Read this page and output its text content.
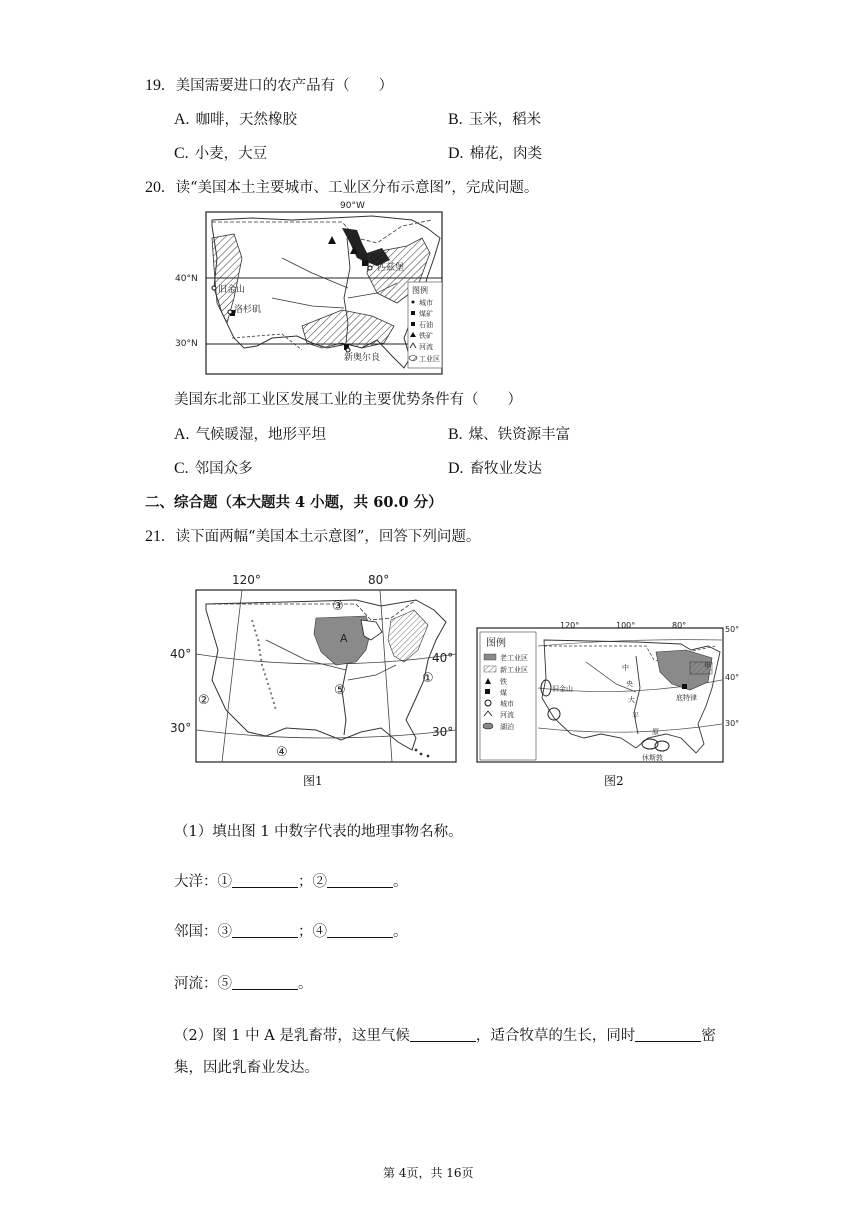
19. 美国需要进口的农产品有（　　）
A. 咖啡，天然橡胶	B. 玉米，稻米
C. 小麦，大豆	D. 棉花，肉类
20. 读“美国本土主要城市、工业区分布示意图”，完成问题。
90°W
40°N
30°N
旧金山
洛杉矶
芝加哥
匹兹堡
新奥尔良
图例
城市
煤矿
石油
铁矿
河流
工业区
美国东北部工业区发展工业的主要优势条件有（　　）
A. 气候暖湿，地形平坦	B. 煤、铁资源丰富
C. 邻国众多	D. 畜牧业发达
二、综合题（本大题共 4 小题，共 60.0 分）
21. 读下面两幅“美国本土示意图”，回答下列问题。
120°	80°
40°	40°
30°	30°
③
A
②
⑤
①
④
图1
120°	100°	80°	50°
40°
30°
旧金山
底特律
休斯敦
中
央
大
平
原
甲
图例
老工业区
新工业区
铁
煤
城市
河流
湖泊
图2
（1）填出图 1 中数字代表的地理事物名称。
大洋：①	；②	。
邻国：③	；④	。
河流：⑤	。
（2）图 1 中 A 是乳畜带，这里气候	，适合牧草的生长，同时	密
集，因此乳畜业发达。
第 4页，共 16页
